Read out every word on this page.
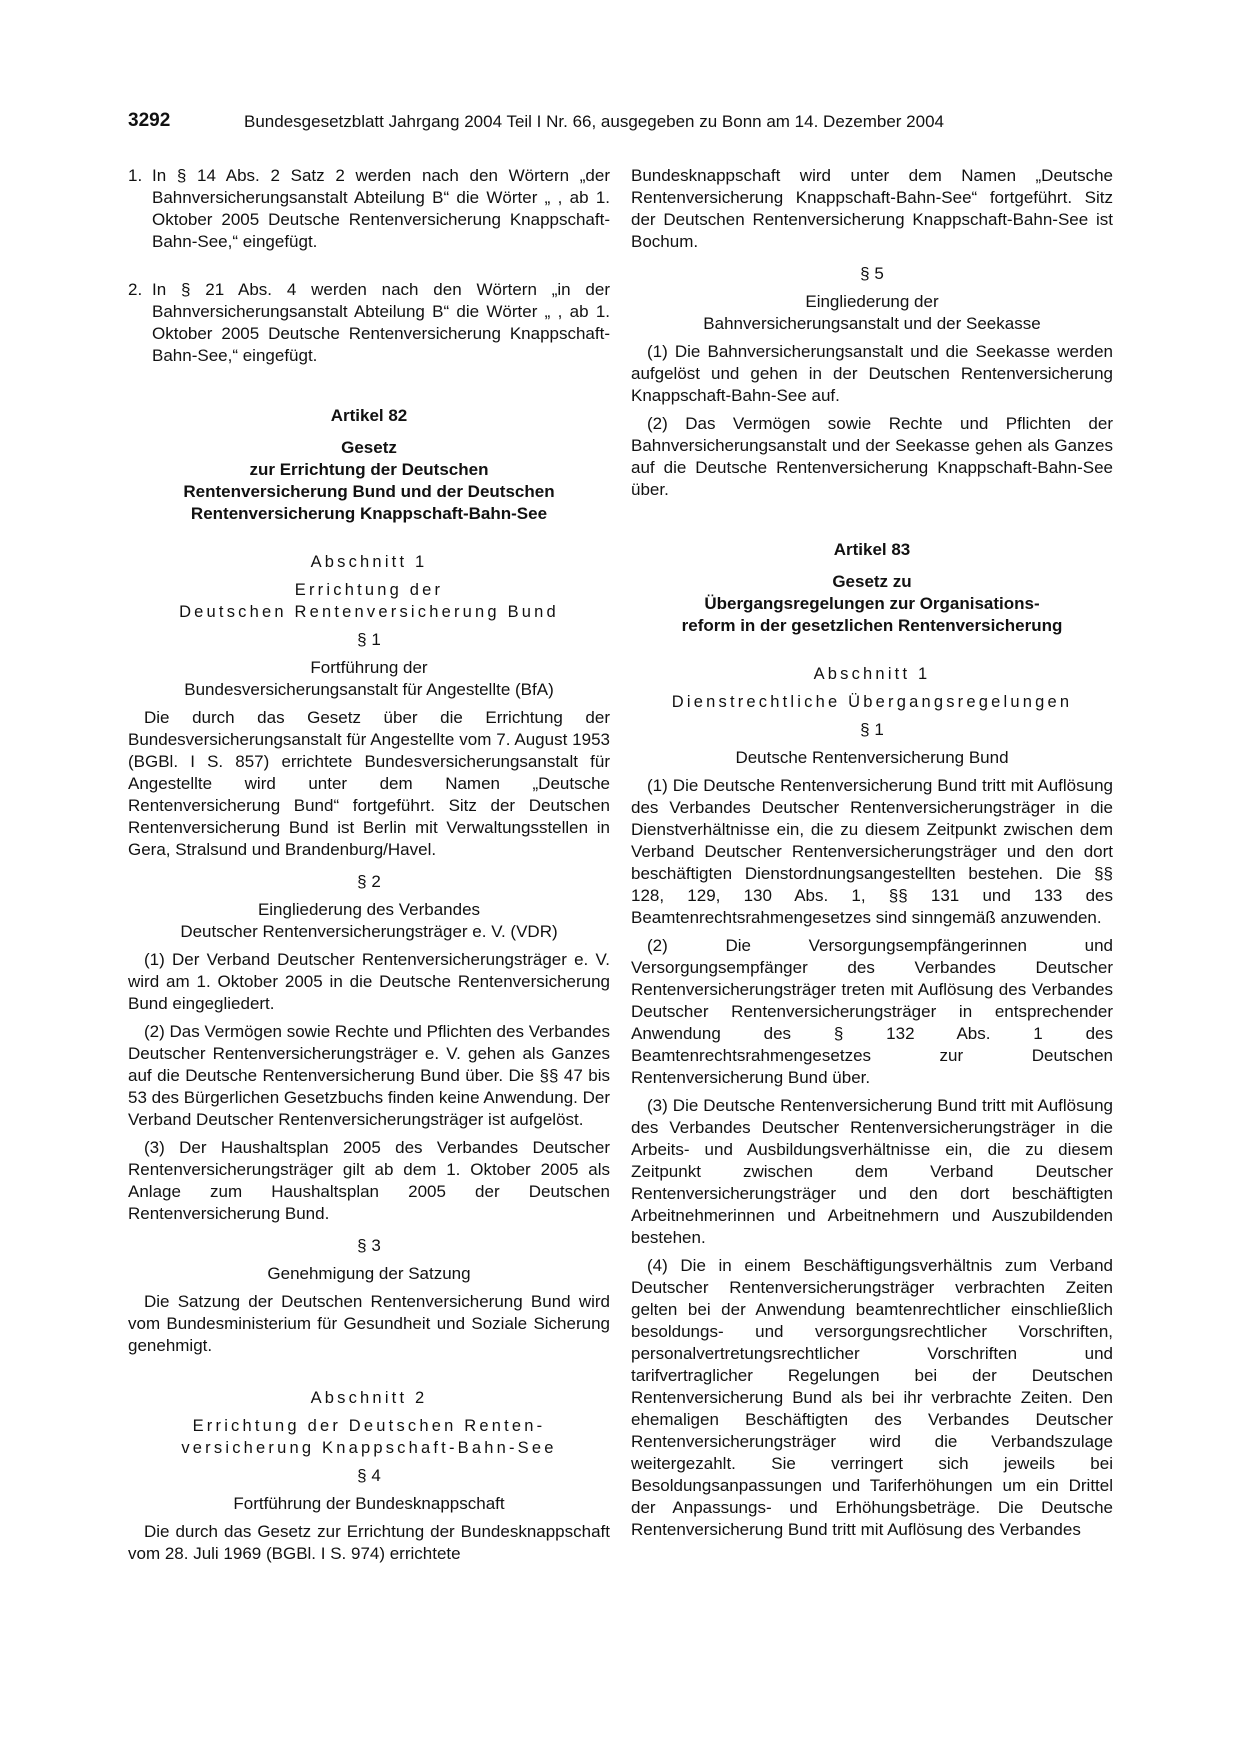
3292	Bundesgesetzblatt Jahrgang 2004 Teil I Nr. 66, ausgegeben zu Bonn am 14. Dezember 2004
1. In § 14 Abs. 2 Satz 2 werden nach den Wörtern „der Bahnversicherungsanstalt Abteilung B“ die Wörter „ , ab 1. Oktober 2005 Deutsche Rentenversicherung Knappschaft-Bahn-See,“ eingefügt.
2. In § 21 Abs. 4 werden nach den Wörtern „in der Bahnversicherungsanstalt Abteilung B“ die Wörter „ , ab 1. Oktober 2005 Deutsche Rentenversicherung Knappschaft-Bahn-See,“ eingefügt.

Artikel 82

Gesetz
zur Errichtung der Deutschen
Rentenversicherung Bund und der Deutschen
Rentenversicherung Knappschaft-Bahn-See

Abschnitt 1

Errichtung der
Deutschen Rentenversicherung Bund

§ 1

Fortführung der
Bundesversicherungsanstalt für Angestellte (BfA)

Die durch das Gesetz über die Errichtung der Bundesversicherungsanstalt für Angestellte vom 7. August 1953 (BGBl. I S. 857) errichtete Bundesversicherungsanstalt für Angestellte wird unter dem Namen „Deutsche Rentenversicherung Bund“ fortgeführt. Sitz der Deutschen Rentenversicherung Bund ist Berlin mit Verwaltungsstellen in Gera, Stralsund und Brandenburg/Havel.

§ 2

Eingliederung des Verbandes
Deutscher Rentenversicherungsträger e. V. (VDR)

(1) Der Verband Deutscher Rentenversicherungsträger e. V. wird am 1. Oktober 2005 in die Deutsche Rentenversicherung Bund eingegliedert.

(2) Das Vermögen sowie Rechte und Pflichten des Verbandes Deutscher Rentenversicherungsträger e. V. gehen als Ganzes auf die Deutsche Rentenversicherung Bund über. Die §§ 47 bis 53 des Bürgerlichen Gesetzbuchs finden keine Anwendung. Der Verband Deutscher Rentenversicherungsträger ist aufgelöst.

(3) Der Haushaltsplan 2005 des Verbandes Deutscher Rentenversicherungsträger gilt ab dem 1. Oktober 2005 als Anlage zum Haushaltsplan 2005 der Deutschen Rentenversicherung Bund.

§ 3

Genehmigung der Satzung

Die Satzung der Deutschen Rentenversicherung Bund wird vom Bundesministerium für Gesundheit und Soziale Sicherung genehmigt.

Abschnitt 2

Errichtung der Deutschen Renten-
versicherung Knappschaft-Bahn-See

§ 4

Fortführung der Bundesknappschaft

Die durch das Gesetz zur Errichtung der Bundesknappschaft vom 28. Juli 1969 (BGBl. I S. 974) errichtete

Bundesknappschaft wird unter dem Namen „Deutsche Rentenversicherung Knappschaft-Bahn-See“ fortgeführt. Sitz der Deutschen Rentenversicherung Knappschaft-Bahn-See ist Bochum.

§ 5

Eingliederung der
Bahnversicherungsanstalt und der Seekasse

(1) Die Bahnversicherungsanstalt und die Seekasse werden aufgelöst und gehen in der Deutschen Rentenversicherung Knappschaft-Bahn-See auf.

(2) Das Vermögen sowie Rechte und Pflichten der Bahnversicherungsanstalt und der Seekasse gehen als Ganzes auf die Deutsche Rentenversicherung Knappschaft-Bahn-See über.

Artikel 83

Gesetz zu
Übergangsregelungen zur Organisations-
reform in der gesetzlichen Rentenversicherung

Abschnitt 1

Dienstrechtliche Übergangsregelungen

§ 1

Deutsche Rentenversicherung Bund

(1) Die Deutsche Rentenversicherung Bund tritt mit Auflösung des Verbandes Deutscher Rentenversicherungsträger in die Dienstverhältnisse ein, die zu diesem Zeitpunkt zwischen dem Verband Deutscher Rentenversicherungsträger und den dort beschäftigten Dienstordnungsangestellten bestehen. Die §§ 128, 129, 130 Abs. 1, §§ 131 und 133 des Beamtenrechtsrahmengesetzes sind sinngemäß anzuwenden.

(2) Die Versorgungsempfängerinnen und Versorgungsempfänger des Verbandes Deutscher Rentenversicherungsträger treten mit Auflösung des Verbandes Deutscher Rentenversicherungsträger in entsprechender Anwendung des § 132 Abs. 1 des Beamtenrechtsrahmengesetzes zur Deutschen Rentenversicherung Bund über.

(3) Die Deutsche Rentenversicherung Bund tritt mit Auflösung des Verbandes Deutscher Rentenversicherungsträger in die Arbeits- und Ausbildungsverhältnisse ein, die zu diesem Zeitpunkt zwischen dem Verband Deutscher Rentenversicherungsträger und den dort beschäftigten Arbeitnehmerinnen und Arbeitnehmern und Auszubildenden bestehen.

(4) Die in einem Beschäftigungsverhältnis zum Verband Deutscher Rentenversicherungsträger verbrachten Zeiten gelten bei der Anwendung beamtenrechtlicher einschließlich besoldungs- und versorgungsrechtlicher Vorschriften, personalvertretungsrechtlicher Vorschriften und tarifvertraglicher Regelungen bei der Deutschen Rentenversicherung Bund als bei ihr verbrachte Zeiten. Den ehemaligen Beschäftigten des Verbandes Deutscher Rentenversicherungsträger wird die Verbandszulage weitergezahlt. Sie verringert sich jeweils bei Besoldungsanpassungen und Tariferhöhungen um ein Drittel der Anpassungs- und Erhöhungsbeträge. Die Deutsche Rentenversicherung Bund tritt mit Auflösung des Verbandes
